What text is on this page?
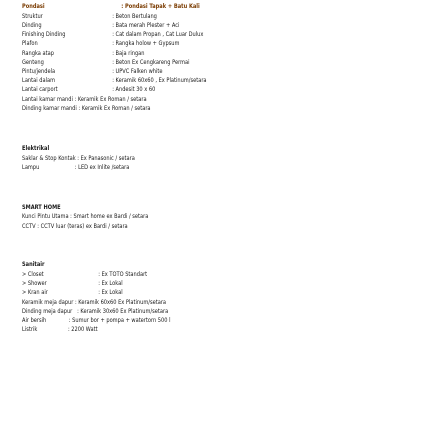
Pondasi	: Pondasi Tapak + Batu Kali
Struktur	: Beton Bertulang
Dinding	: Bata merah Plester + Aci
Finishing Dinding	: Cat dalam Propan , Cat Luar Dulux
Plafon	: Rangka holow + Gypsum
Rangka atap	: Baja ringan
Genteng	: Beton Ex Cengkareng Permai
Pintu/jendela	: UPVC Falken white
Lantai dalam	: Keramik 60x60 , Ex Platinum/setara
Lantai carport	: Andesit 30 x 60
Lantai kamar mandi : Keramik Ex Roman / setara
Dinding kamar mandi : Keramik Ex Roman / setara
Elektrikal
Saklar & Stop Kontak : Ex Panasonic / setara
Lampu                      : LED ex Inlite /setara
SMART HOME
Kunci Pintu Utama : Smart home ex Bardi / setara
CCTV : CCTV luar (teras) ex Bardi / setara
Sanitair
> Closet	: Ex TOTO Standart
> Shower	: Ex Lokal
> Kran air	: Ex Lokal
Keramik meja dapur : Keramik 60x60 Ex Platinum/setara
Dinding meja dapur   : Keramik 30x60 Ex Platinum/setara
Air bersih              : Sumur bor + pompa + watertorn 500 l
Listrik                   : 2200 Watt
